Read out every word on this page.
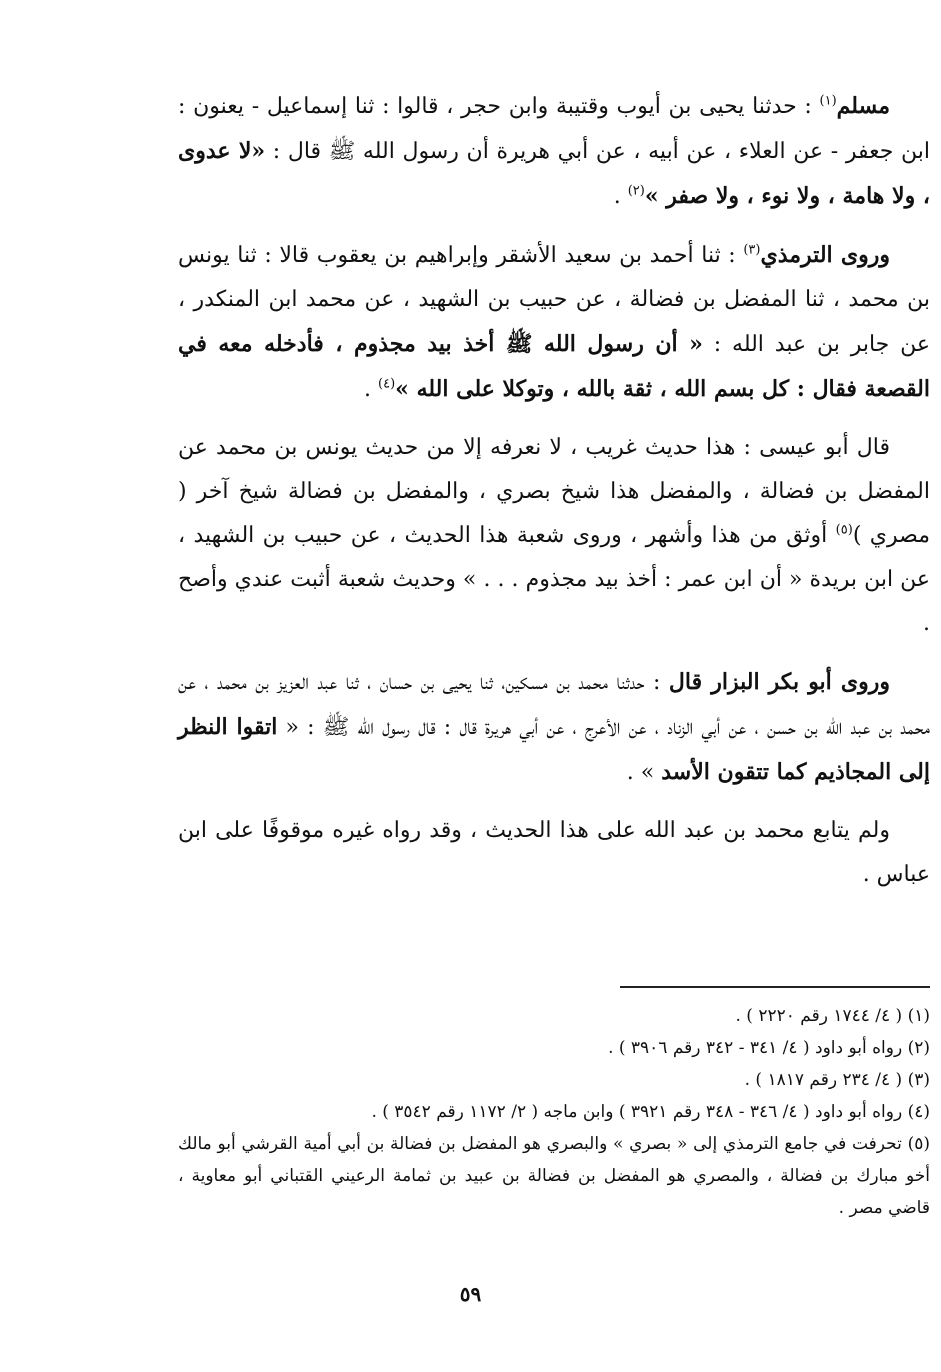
مسلم$^{(١)}$ : حدثنا يحيى بن أيوب وقتيبة وابن حجر ، قالوا : ثنا إسماعيل - يعنون : ابن جعفر - عن العلاء ، عن أبيه ، عن أبي هريرة أن رسول الله ﷺ قال : «لا عدوى ، ولا هامة ، ولا نوء ، ولا صفر »$^{(٢)}$ .

وروى الترمذي$^{(٣)}$ : ثنا أحمد بن سعيد الأشقر وإبراهيم بن يعقوب قالا : ثنا يونس بن محمد ، ثنا المفضل بن فضالة ، عن حبيب بن الشهيد ، عن محمد ابن المنكدر ، عن جابر بن عبد الله : « أن رسول الله ﷺ أخذ بيد مجذوم ، فأدخله معه في القصعة فقال : كل بسم الله ، ثقة بالله ، وتوكلا على الله »$^{(٤)}$ .

قال أبو عيسى : هذا حديث غريب ، لا نعرفه إلا من حديث يونس بن محمد عن المفضل بن فضالة ، والمفضل هذا شيخ بصري ، والمفضل بن فضالة شيخ آخر ( مصري )$^{(٥)}$ أوثق من هذا وأشهر ، وروى شعبة هذا الحديث ، عن حبيب بن الشهيد ، عن ابن بريدة « أن ابن عمر : أخذ بيد مجذوم . . . » وحديث شعبة أثبت عندي وأصح .

وروى أبو بكر البزار قال : حدثنا محمد بن مسكين، ثنا يحيى بن حسان ، ثنا عبد العزيز بن محمد ، عن محمد بن عبد الله بن حسن ، عن أبي الزناد ، عن الأعرج ، عن أبي هريرة قال : قال رسول الله ﷺ : « اتقوا النظر إلى المجاذيم كما تتقون الأسد » .

ولم يتابع محمد بن عبد الله على هذا الحديث ، وقد رواه غيره موقوفًا على ابن عباس .

(١) ( ٤/ ١٧٤٤ رقم ٢٢٢٠ ) .

(٢) رواه أبو داود ( ٤/ ٣٤١ - ٣٤٢ رقم ٣٩٠٦ ) .

(٣) ( ٤/ ٢٣٤ رقم ١٨١٧ ) .

(٤) رواه أبو داود ( ٤/ ٣٤٦ - ٣٤٨ رقم ٣٩٢١ ) وابن ماجه ( ٢/ ١١٧٢ رقم ٣٥٤٢ ) .

(٥) تحرفت في جامع الترمذي إلى « بصري » والبصري هو المفضل بن فضالة بن أبي أمية القرشي أبو مالك أخو مبارك بن فضالة ، والمصري هو المفضل بن فضالة بن عبيد بن ثمامة الرعيني القتباني أبو معاوية ، قاضي مصر .

٥٩
